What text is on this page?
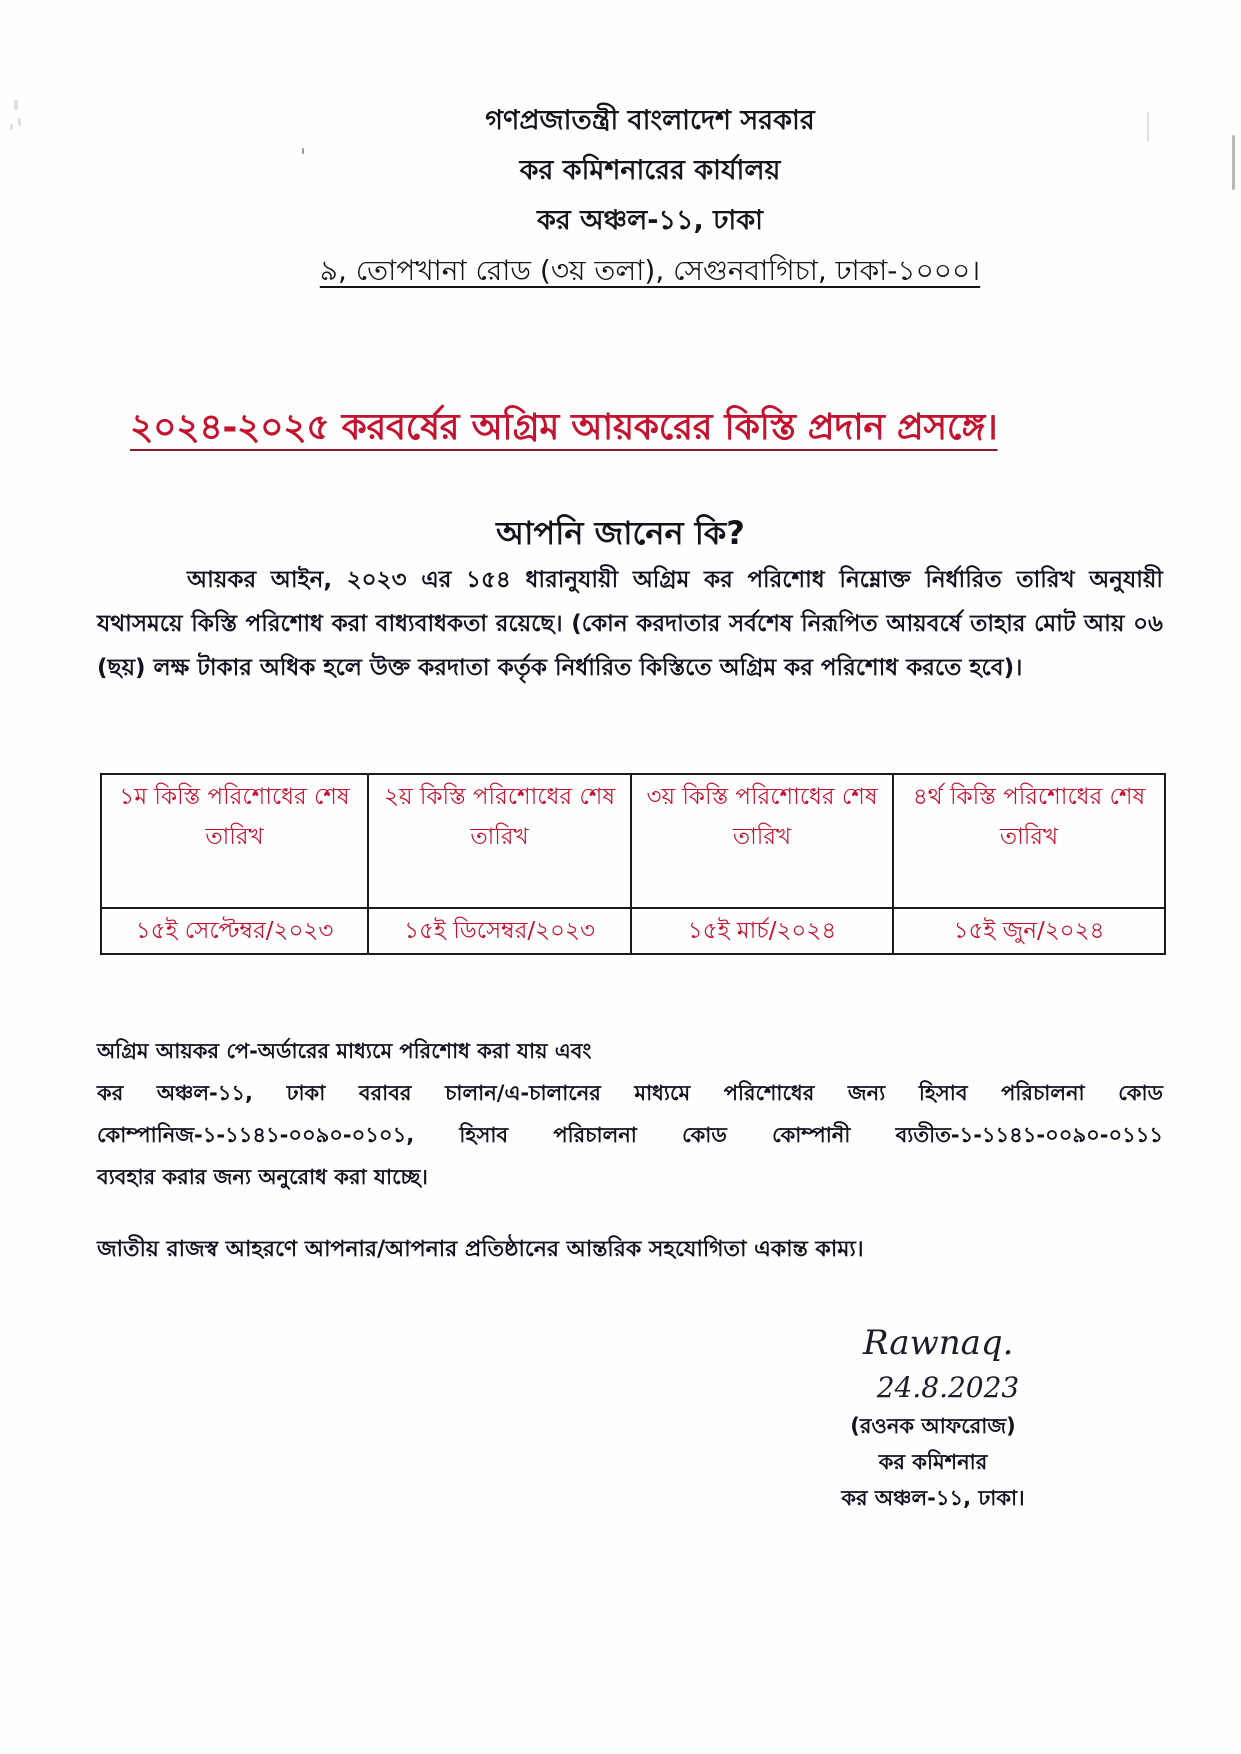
গণপ্রজাতন্ত্রী বাংলাদেশ সরকার
কর কমিশনারের কার্যালয়
কর অঞ্চল-১১, ঢাকা
৯, তোপখানা রোড (৩য় তলা), সেগুনবাগিচা, ঢাকা-১০০০।
২০২৪-২০২৫ করবর্ষের অগ্রিম আয়করের কিস্তি প্রদান প্রসঙ্গে।
আপনি জানেন কি?
আয়কর আইন, ২০২৩ এর ১৫৪ ধারানুযায়ী অগ্রিম কর পরিশোধ নিম্নোক্ত নির্ধারিত তারিখ অনুযায়ী যথাসময়ে কিস্তি পরিশোধ করা বাধ্যবাধকতা রয়েছে। (কোন করদাতার সর্বশেষ নিরূপিত আয়বর্ষে তাহার মোট আয় ০৬ (ছয়) লক্ষ টাকার অধিক হলে উক্ত করদাতা কর্তৃক নির্ধারিত কিস্তিতে অগ্রিম কর পরিশোধ করতে হবে)।
১ম কিস্তি পরিশোধের শেষ তারিখ	২য় কিস্তি পরিশোধের শেষ তারিখ	৩য় কিস্তি পরিশোধের শেষ তারিখ	৪র্থ কিস্তি পরিশোধের শেষ তারিখ
১৫ই সেপ্টেম্বর/২০২৩	১৫ই ডিসেম্বর/২০২৩	১৫ই মার্চ/২০২৪	১৫ই জুন/২০২৪
অগ্রিম আয়কর পে-অর্ডারের মাধ্যমে পরিশোধ করা যায় এবং
কর অঞ্চল-১১, ঢাকা বরাবর চালান/এ-চালানের মাধ্যমে পরিশোধের জন্য হিসাব পরিচালনা কোড
কোম্পানিজ-১-১১৪১-০০৯০-০১০১, হিসাব পরিচালনা কোড কোম্পানী ব্যতীত-১-১১৪১-০০৯০-০১১১
ব্যবহার করার জন্য অনুরোধ করা যাচ্ছে।
জাতীয় রাজস্ব আহরণে আপনার/আপনার প্রতিষ্ঠানের আন্তরিক সহযোগিতা একান্ত কাম্য।
Rawnaq.
24.8.2023
(রওনক আফরোজ)
কর কমিশনার
কর অঞ্চল-১১, ঢাকা।
